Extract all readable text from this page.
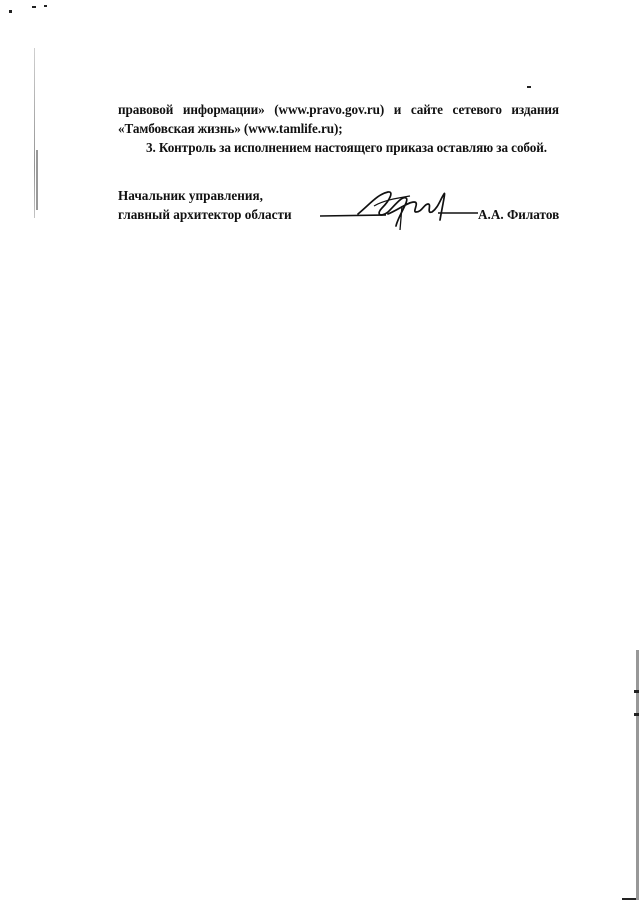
правовой информации» (www.pravo.gov.ru) и сайте сетевого издания
«Тамбовская жизнь» (www.tamlife.ru);
3. Контроль за исполнением настоящего приказа оставляю за собой.
Начальник управления,
главный архитектор области	А.А. Филатов
